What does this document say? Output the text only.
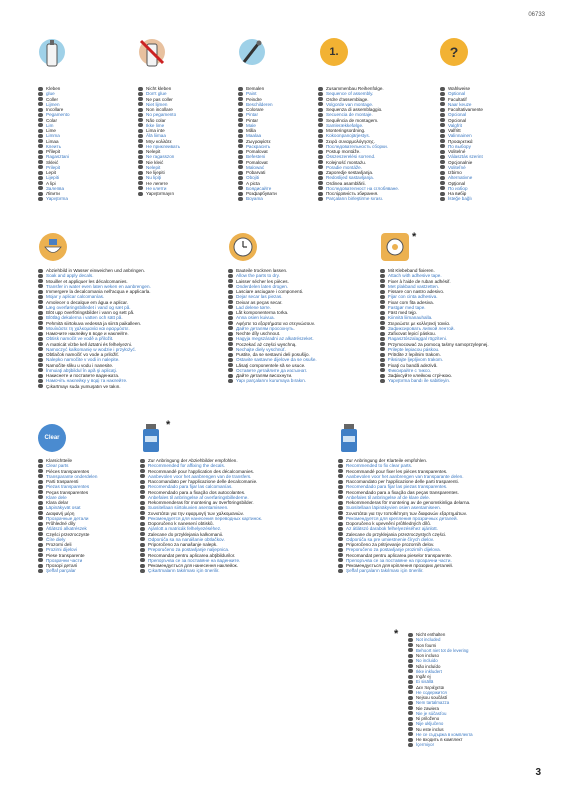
06733
1.	?
Kleben
glue
Coller
Lijmen
Incollare
Pegamento
Colar
Lim
Lime
Limma
Limaa
Клеить
Přilepit
Ragasztani
Skleić
Prilepit
Lepit
Lijepiti
A lipi
Залепва
Ліпити
Yapıştırma
Nicht kleben
Don't glue
Ne pas coller
Niet lijmen
Non incollare
No pegamento
Não colar
Ikke lime
Lima inte
Älä liimaa
Μην κολλάτε
Не приклеивать
Nelepit
Ne ragasszon
Nie kleić
Nelepit
Ne lijepiti
Nu lipiţi
Не лепете
Не клеїти
Yapıştırmayın
Bemalen
Paint
Peindre
Beschilderen
Colorare
Pintar
Pintar
Male
Måla
Maalaa
Ζωγραφίστε
Раскрасить
Pomalovat
Befesteni
Pomalovat
Malować
Pobarvati
Obojiti
A picta
Боядисайте
Розфарбувати
Boyama
Zusammenbau Reihenfolge.
Sequence of assembly.
Ordre d'assemblage.
Volgorde van montage.
Sequenza di assemblaggio.
Secuencia de montaje.
Sequência de montagem.
Samlerækkefølge.
Monteringsordning.
Kokoonpanojärjestys.
Σειρά συναρμολόγησης.
Последовательность сборки.
Postup montáže.
Összeszerelési sorrend.
Kolejność montażu.
Poradie montáže.
Zaporedje sestavljanja.
Redoslijed sastavljanja.
Ordinea asamblării.
Последователност на сглобяване.
Послідовність збирання.
Parçaların birleştirme sırası.
Wahlweise
Optional
Facultatif
Naar keuze
Facoltativamente
Opcional
Opcional
Valgfrit
Valfritt
Valinnainen
Προαιρετικά
По выбору
Volitelné
Választás szerint
Opcjonalnie
Voliteľné
Izbirno
Alternativne
Opţional
По избор
На вибір
İsteğe bağlı
Abziehbild in Wasser einweichen und anbringen.
Soak and apply decals.
Mouiller et appliquer les décalcomanies.
Transfer in water even laten weken en aanbrengen.
Immergere la decalcomania nell'acqua e applicarla.
Mojar y aplicar calcomanías.
Amolecer o decalque em água e aplicar.
Læg overføringsbilledet i vand og sæt på.
Blöt upp överföringsbilder i vann og sett på.
Blötläg dekalerna i vatten och sätt på.
Pehmitä siirtokuva vedessä ja siirrä paikalleen.
Μουλιάστε τη χαλκομανία και εφαρμόστε.
Намочите наклейку в воде и наклейте.
Obtisk namočit ve vodě a přiložit.
A matricát vízbe kell áztatni és felhelyezni.
Namoczyć kalkomanię w wodzie i przyłożyć.
Obtlačok namočiť vo vode a priložiť.
Nalepko namočite v vodi in nalepite.
Namočite sliku u vodu i nanesite.
Înmuiaţi abţibildul în apă şi aplicaţi.
Накиснете и поставете ваденката.
Намочіть наклейку у воді та наклейте.
Çıkartmayı suda yumuşatın ve takın.
Bauteile trocknen lassen.
Allow the parts to dry.
Laisser sécher les pièces.
Onderdelen laten drogen.
Lasciare asciugare i componenti.
Dejar secar las piezas.
Deixar as peças secar.
Lad delene tørre.
Låt komponenterna torka.
Anna osien kuivua.
Αφήστε τα εξαρτήματα να στεγνώσουν.
Дайте деталям просохнуть.
Nechte díly uschnout.
Hagyja megszáradni az alkatrészeket.
Poczekać aż części wyschną.
Nechajte diely vyschnúť.
Pustite, da se sestavni deli posušijo.
Ostavite sastavne dijelove da se osuše.
Lăsaţi componentele să se usuce.
Оставете детайлите да изсъхнат.
Дайте деталям висохнути.
Yapı parçalarını kurumaya bırakın.
*
Mit Klebeband fixieren.
Attach with adhesive tape.
Fixer à l'aide de ruban adhésif.
Met plakband vastzetten.
Fissare con nastro adesivo.
Fijar con cinta adhesiva.
Fixar com fita adesiva.
Fastgør med tape.
Fäst med tejp.
Kiinnitä liimanauhalla.
Στερεώστε με κολλητική ταινία.
Зафиксировать липкой лентой.
Zafixovat lepicí páskou.
Ragasztószalaggal rögzíteni.
Przymocować za pomocą taśmy samoprzylepnej.
Prilepte lepiacou páskou.
Pritrdite z lepilnim trakom.
Fiksirajte ljepljivom trakom.
Fixaţi cu bandă adezivă.
Фиксирайте с тиксо.
Зафіксуйте клейкою стрічкою.
Yapıştırma bandı ile sabitleyin.
Clear
Klarsichtteile
Clear parts
Pièces transparentes
Transparante onderdelen
Parti trasparenti
Piezas transparentes
Peças transparentes
Klare dele
Klara delar
Läpinäkyvät osat
Διαφανή μέρη
Прозрачные детали
Průhledné díly
Átlátszó alkatrészek
Części przezroczyste
Číre diely
Prozorni deli
Prozirni dijelovi
Piese transparente
Прозрачни части
Прозорі деталі
Şeffaf parçalar
*
Zur Anbringung der Abziehbilder empfohlen.
Recommended for affixing the decals.
Recommandé pour l'application des décalcomanies.
Aanbevolen voor het aanbrengen van de transfers.
Raccomandato per l'applicazione delle decalcomanie.
Recomendado para fijar las calcomanías.
Recomendado para a fixação dos autocolantes.
Anbefales til anbringelse af overføringsbillederne.
Rekommenderas för montering av överföringsbilder.
Suositellaan siirtokuvien asentamiseen.
Συνιστάται για την εφαρμογή των χαλκομανιών.
Рекомендуется для нанесения переводных картинок.
Doporučeno k nanesení obtisků.
Ajánlott a matricák felhelyezéséhez.
Zalecane do przyklejania kalkomanii.
Odporúča sa na nanášanie obtlačkov.
Priporočeno za nanašanje nalepk.
Preporučeno za postavljanje naljepnica.
Recomandat pentru aplicarea abţibildurilor.
Препоръчва се за поставяне на ваденките.
Рекомендується для нанесення наклейок.
Çıkartmaların takılması için önerilir.
Zur Anbringung der Klarteile empfohlen.
Recommended to fix clear parts.
Recommandé pour fixer les pièces transparentes.
Aanbevolen voor het aanbrengen van transparante delen.
Raccomandato per l'applicazione delle parti trasparenti.
Recomendado para fijar las piezas transparentes.
Recomendado para a fixação das peças transparentes.
Anbefales til anbringelse af de klare dele.
Rekommenderas för montering av de genomskinliga delarna.
Suositellaan läpinäkyvien osien asentamiseen.
Συνιστάται για την τοποθέτηση των διαφανών εξαρτημάτων.
Рекомендуется для крепления прозрачных деталей.
Doporučeno k upevnění průhledných dílů.
Az átlátszó darabok felhelyezéséhez ajánlott.
Zalecane do przyklejania przezroczystych części.
Odporúča sa pre umiestnenie čírych dielov.
Priporočeno za pritrjevanje prozornih delov.
Preporučeno za postavljanje prozirnih dijelova.
Recomandat pentru aplicarea pieselor transparente.
Препоръчва се за поставяне на прозрачни части.
Рекомендується для кріплення прозорих деталей.
Şeffaf parçaların takılması için önerilir.
*	Nicht enthalten
Not included
Non fourni
Behoort niet tot de levering
Non incluso
No incluido
Não incluído
Ikke inkludert
Ingår ej
Ei sisällä
Δεν περιέχεται
Не содержится
Nejsou součástí
Nem tartalmazza
Nie zawiera
Nie je súčasťou
Ni priloženo
Nije uključeno
Nu este inclus
Не се съдържа в комплекта
Не входить в комплект
İçermiyor
3
